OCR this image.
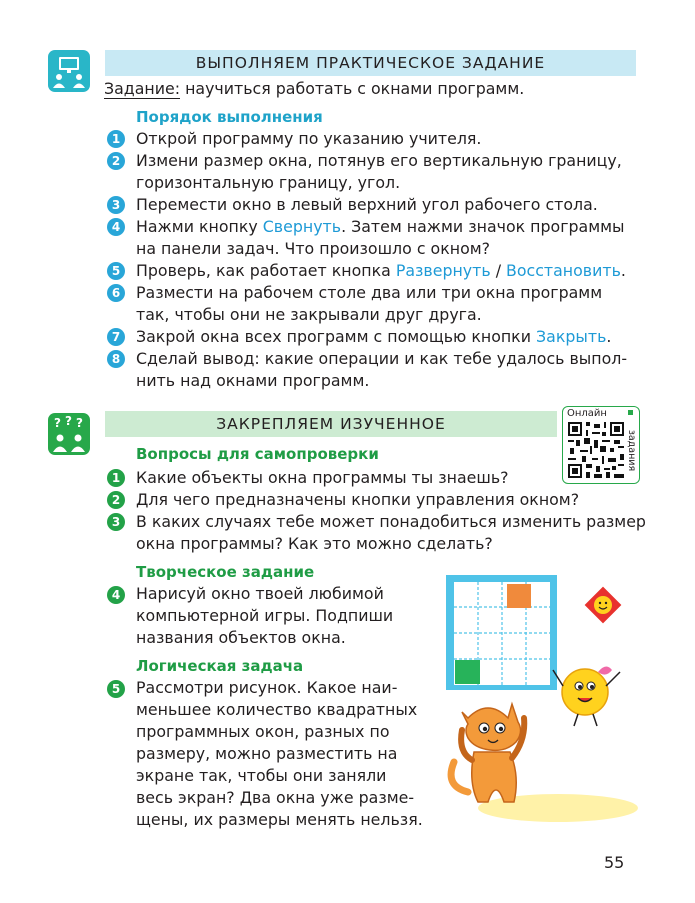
ВЫПОЛНЯЕМ ПРАКТИЧЕСКОЕ ЗАДАНИЕ
Задание: научиться работать с окнами программ.
Порядок выполнения
1	Открой программу по указанию учителя.
2	Измени размер окна, потянув его вертикальную границу,
горизонтальную границу, угол.
3	Перемести окно в левый верхний угол рабочего стола.
4	Нажми кнопку Свернуть. Затем нажми значок программы
на панели задач. Что произошло с окном?
5	Проверь, как работает кнопка Развернуть / Восстановить.
6	Размести на рабочем столе два или три окна программ
так, чтобы они не закрывали друг друга.
7	Закрой окна всех программ с помощью кнопки Закрыть.
8	Сделай вывод: какие операции и как тебе удалось выпол-
нить над окнами программ.
? ? ?	ЗАКРЕПЛЯЕМ ИЗУЧЕННОЕ
Онлайн
задания
Вопросы для самопроверки
1	Какие объекты окна программы ты знаешь?
2	Для чего предназначены кнопки управления окном?
3	В каких случаях тебе может понадобиться изменить размер
окна программы? Как это можно сделать?
Творческое задание
4	Нарисуй окно твоей любимой
компьютерной игры. Подпиши
названия объектов окна.
Логическая задача
5	Рассмотри рисунок. Какое наи-
меньшее количество квадратных
программных окон, разных по
размеру, можно разместить на
экране так, чтобы они заняли
весь экран? Два окна уже разме-
щены, их размеры менять нельзя.
55
